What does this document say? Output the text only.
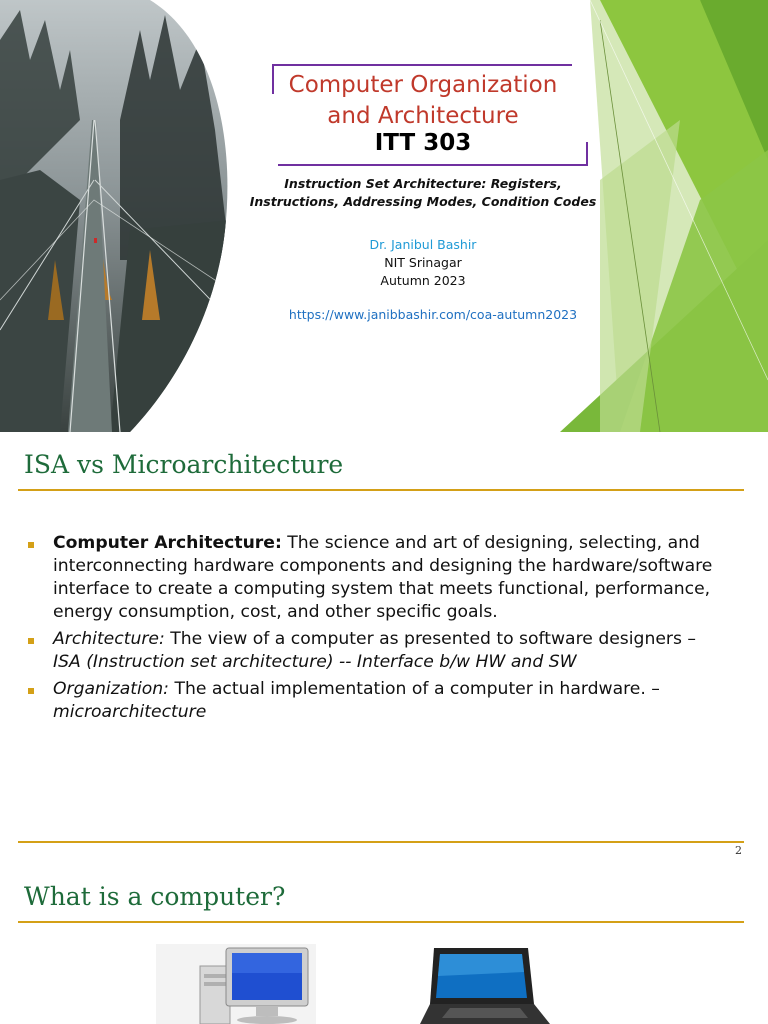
Computer Organization and Architecture
ITT 303
Instruction Set Architecture: Registers, Instructions, Addressing Modes, Condition Codes
Dr. Janibul Bashir
NIT Srinagar
Autumn 2023
https://www.janibbashir.com/coa-autumn2023
ISA vs Microarchitecture
Computer Architecture: The science and art of designing, selecting, and interconnecting hardware components and designing the hardware/software interface to create a computing system that meets functional, performance, energy consumption, cost, and other specific goals.
Architecture: The view of a computer as presented to software designers – ISA (Instruction set architecture) -- Interface b/w HW and SW
Organization: The actual implementation of a computer in hardware. – microarchitecture
2
What is a computer?
